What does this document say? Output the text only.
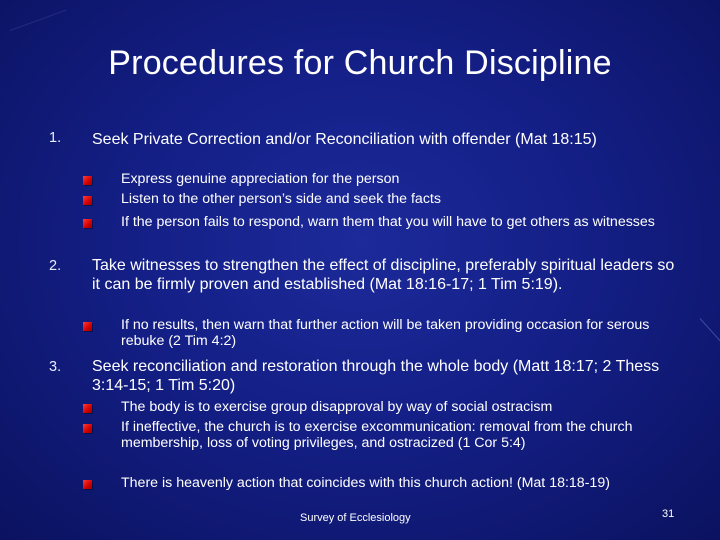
Procedures for Church Discipline
1. Seek Private Correction and/or Reconciliation with offender (Mat 18:15)
Express genuine appreciation for the person
Listen to the other person’s side and seek the facts
If the person fails to respond, warn them that you will have to get others as witnesses
2. Take witnesses to strengthen the effect of discipline, preferably spiritual leaders so it can be firmly proven and established (Mat 18:16-17; 1 Tim 5:19).
If no results, then warn that further action will be taken providing occasion for serous rebuke (2 Tim 4:2)
3. Seek reconciliation and restoration through the whole body (Matt 18:17; 2 Thess 3:14-15; 1 Tim 5:20)
The body is to exercise group disapproval by way of social ostracism
If ineffective, the church is to exercise excommunication: removal from the church membership, loss of voting privileges, and ostracized (1 Cor 5:4)
There is heavenly action that coincides with this church action! (Mat 18:18-19)
Survey of Ecclesiology	31
